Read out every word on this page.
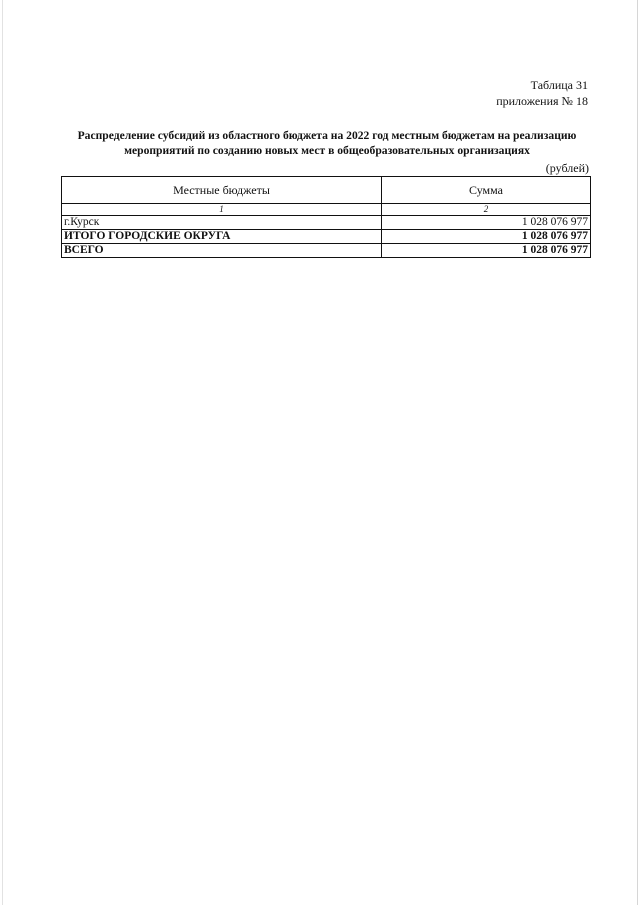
Таблица 31
приложения № 18
Распределение субсидий из областного бюджета на 2022 год местным бюджетам на реализацию
мероприятий по созданию новых мест в общеобразовательных организациях
(рублей)
Местные бюджеты	Сумма
1	2
г.Курск	1 028 076 977
ИТОГО ГОРОДСКИЕ ОКРУГА	1 028 076 977
ВСЕГО	1 028 076 977
